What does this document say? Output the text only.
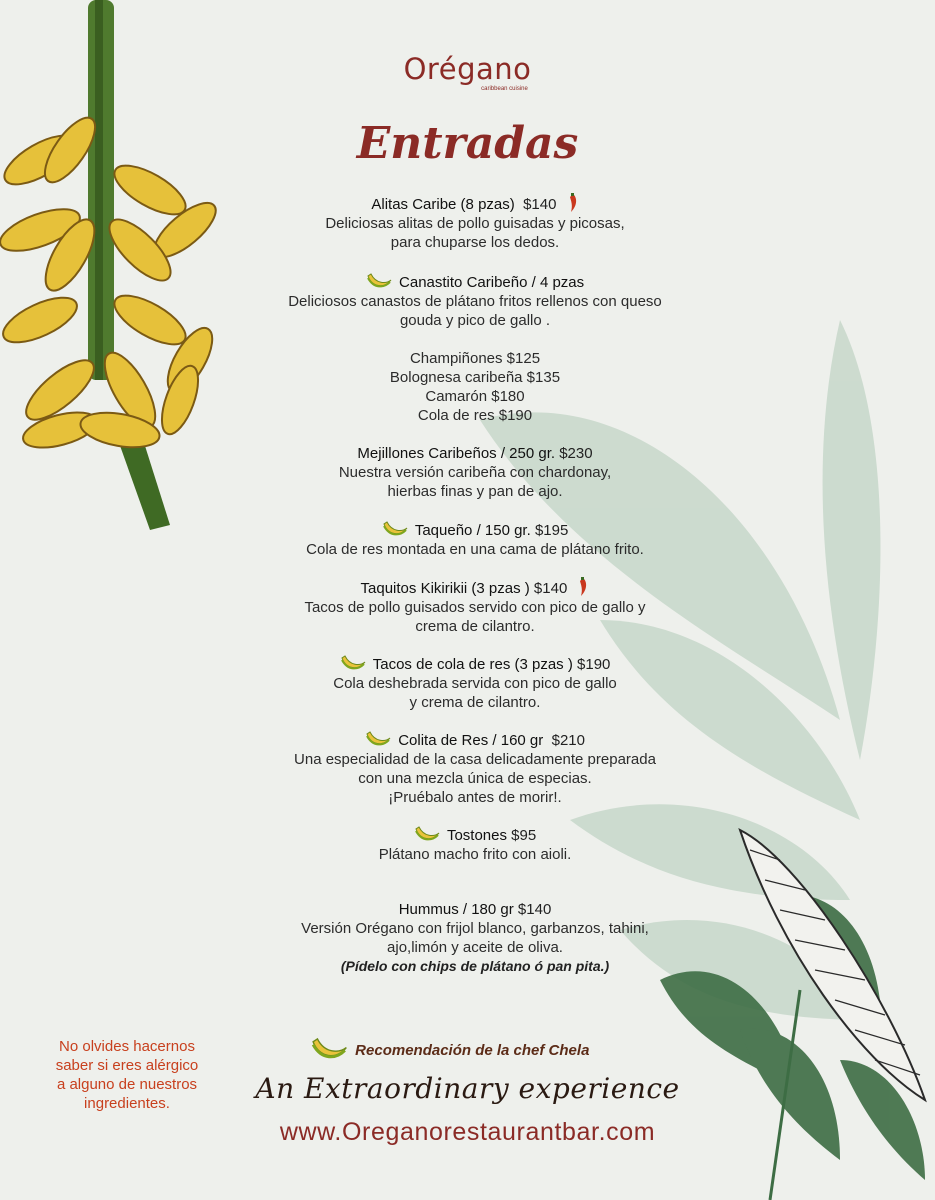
Orégano
caribbean cuisine
Entradas
Alitas Caribe (8 pzas) $140
Deliciosas alitas de pollo guisadas y picosas,
para chuparse los dedos.
Canastito Caribeño / 4 pzas
Deliciosos canastos de plátano fritos rellenos con queso
gouda y pico de gallo .
Champiñones $125
Bolognesa caribeña $135
Camarón $180
Cola de res $190
Mejillones Caribeños / 250 gr. $230
Nuestra versión caribeña con chardonay,
hierbas finas y pan de ajo.
Taqueño / 150 gr. $195
Cola de res montada en una cama de plátano frito.
Taquitos Kikirikii (3 pzas ) $140
Tacos de pollo guisados servido con pico de gallo y
crema de cilantro.
Tacos de cola de res (3 pzas ) $190
Cola deshebrada servida con pico de gallo
y crema de cilantro.
Colita de Res / 160 gr $210
Una especialidad de la casa delicadamente preparada
con una mezcla única de especias.
¡Pruébalo antes de morir!.
Tostones $95
Plátano macho frito con aioli.
Hummus / 180 gr $140
Versión Orégano con frijol blanco, garbanzos, tahini,
ajo,limón y aceite de oliva.
(Pídelo con chips de plátano ó pan pita.)
No olvides hacernos
saber si eres alérgico
a alguno de nuestros
ingredientes.
Recomendación de la chef Chela
An Extraordinary experience
www.Oreganorestaurantbar.com
